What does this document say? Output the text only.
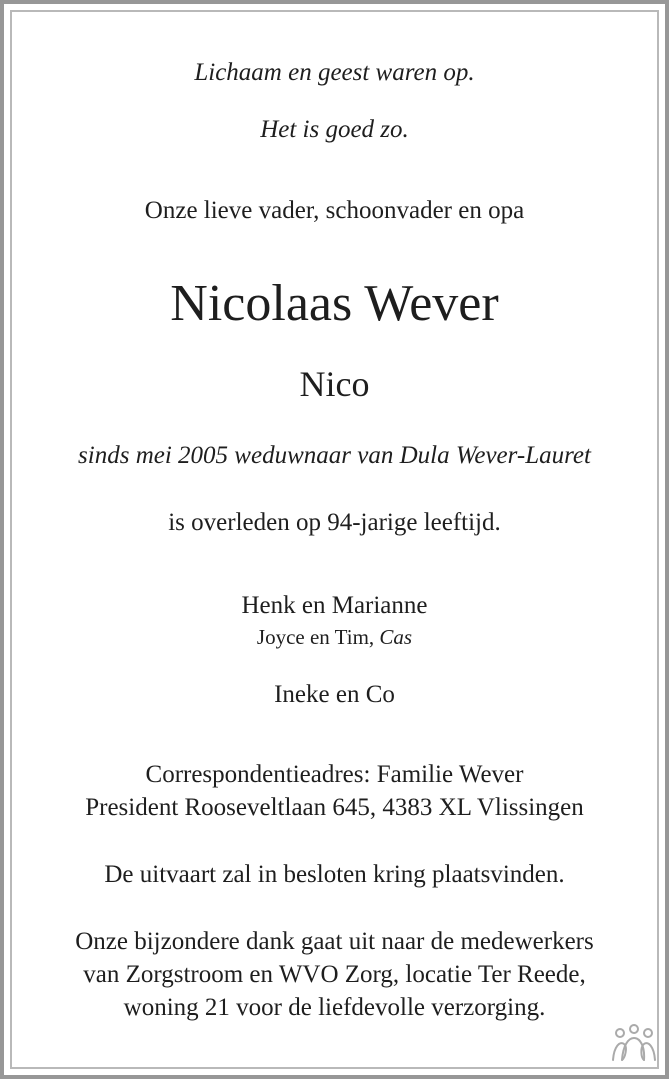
Lichaam en geest waren op.
Het is goed zo.
Onze lieve vader, schoonvader en opa
Nicolaas Wever
Nico
sinds mei 2005 weduwnaar van Dula Wever-Lauret
is overleden op 94-jarige leeftijd.
Henk en Marianne
Joyce en Tim, Cas
Ineke en Co
Correspondentieadres: Familie Wever
President Rooseveltlaan 645, 4383 XL Vlissingen
De uitvaart zal in besloten kring plaatsvinden.
Onze bijzondere dank gaat uit naar de medewerkers
van Zorgstroom en WVO Zorg, locatie Ter Reede,
woning 21 voor de liefdevolle verzorging.
